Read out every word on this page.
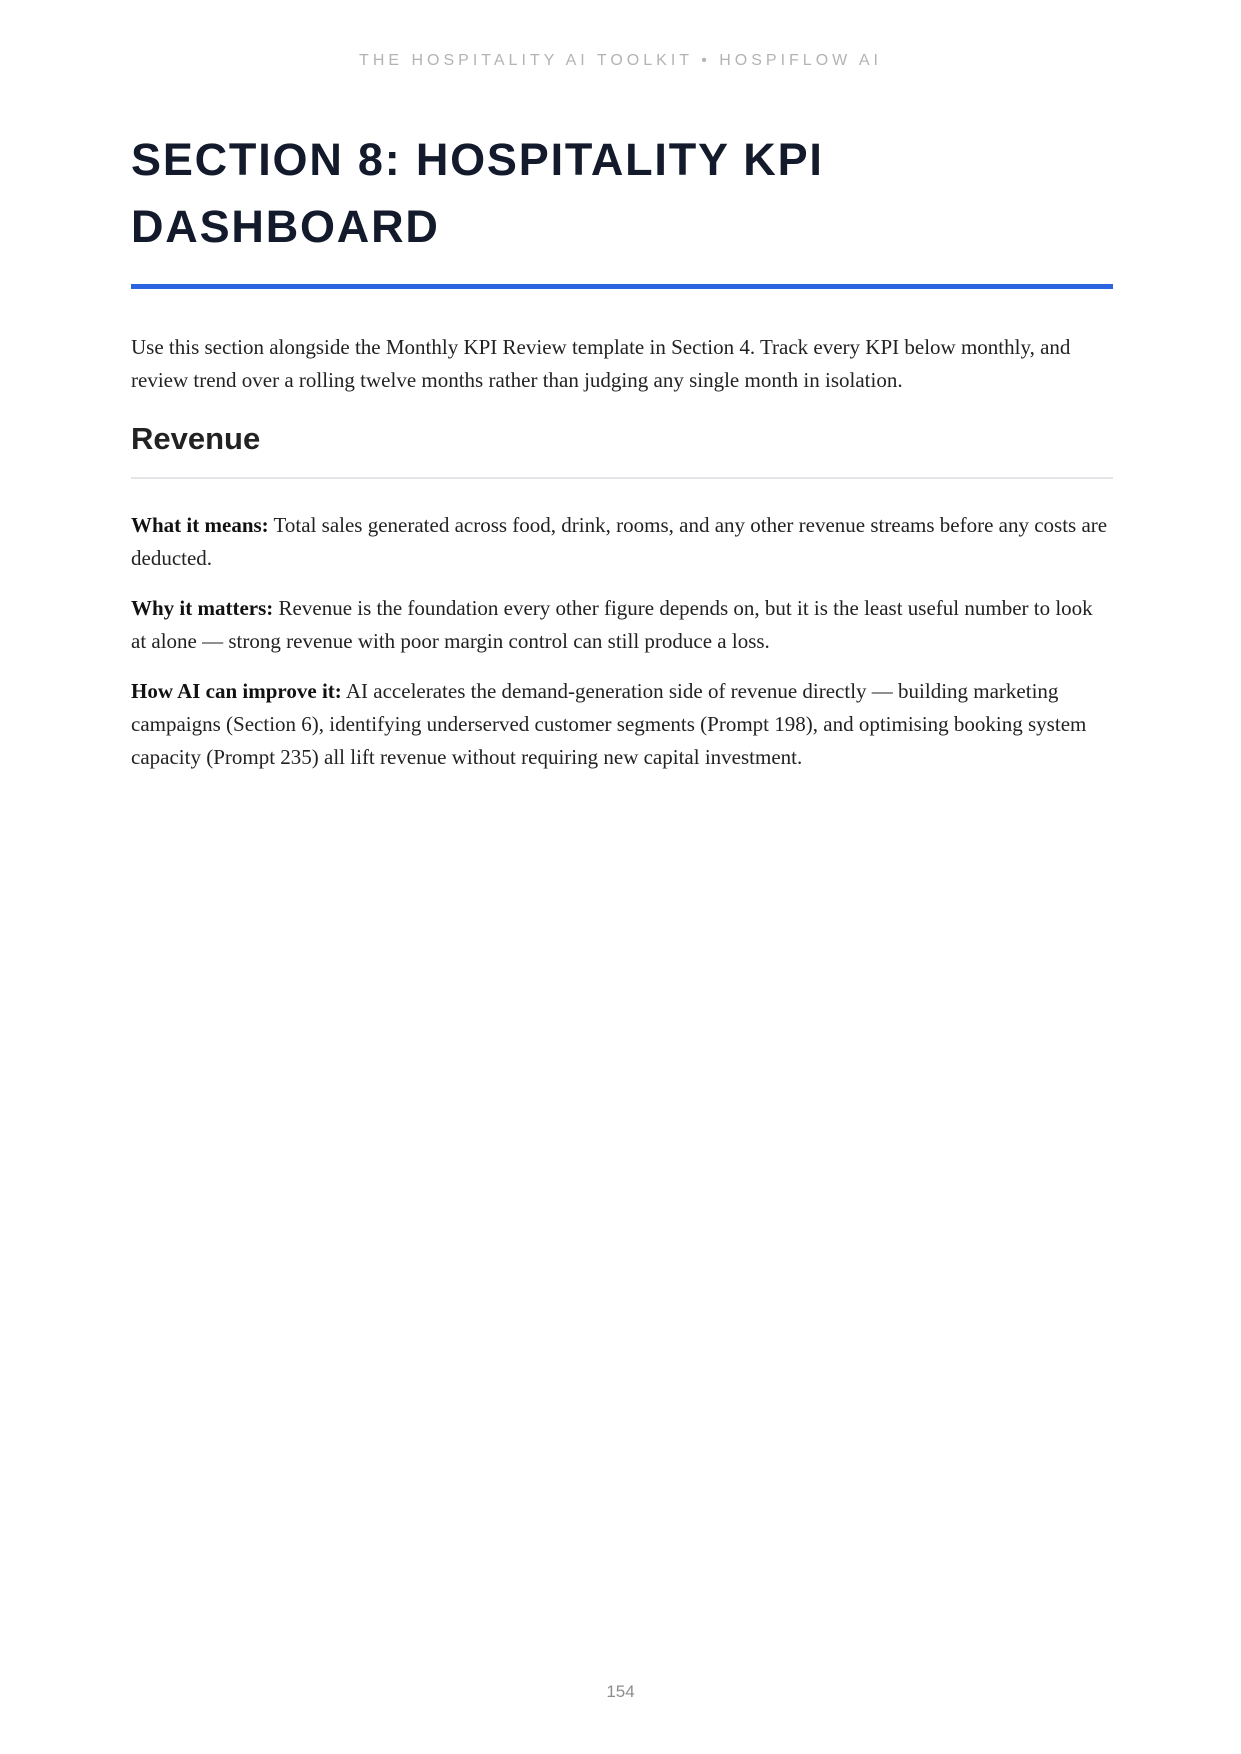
THE HOSPITALITY AI TOOLKIT • HOSPIFLOW AI
SECTION 8: HOSPITALITY KPI DASHBOARD

Use this section alongside the Monthly KPI Review template in Section 4. Track every KPI below monthly, and review trend over a rolling twelve months rather than judging any single month in isolation.

Revenue

What it means: Total sales generated across food, drink, rooms, and any other revenue streams before any costs are deducted.

Why it matters: Revenue is the foundation every other figure depends on, but it is the least useful number to look at alone — strong revenue with poor margin control can still produce a loss.

How AI can improve it: AI accelerates the demand-generation side of revenue directly — building marketing campaigns (Section 6), identifying underserved customer segments (Prompt 198), and optimising booking system capacity (Prompt 235) all lift revenue without requiring new capital investment.

154
